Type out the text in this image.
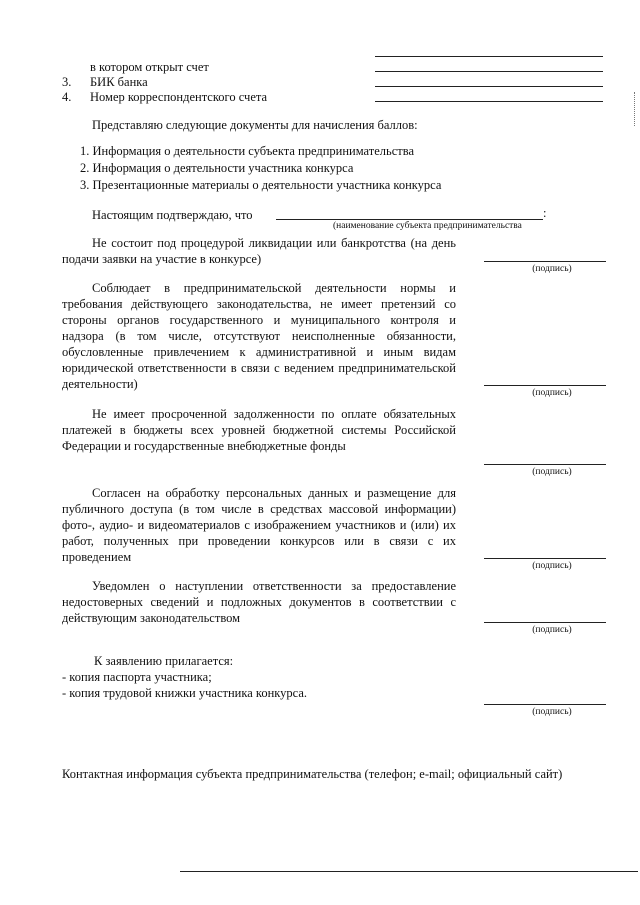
в котором открыт счет
3. БИК банка
4. Номер корреспондентского счета
Представляю следующие документы для начисления баллов:
1. Информация о деятельности субъекта предпринимательства
2. Информация о деятельности участника конкурса
3. Презентационные материалы о деятельности участника конкурса
Настоящим подтверждаю, что	:
(наименование субъекта предпринимательства
Не состоит под процедурой ликвидации или банкротства (на день подачи заявки на участие в конкурсе)
(подпись)
Соблюдает в предпринимательской деятельности нормы и требования действующего законодательства, не имеет претензий со стороны органов государственного и муниципального контроля и надзора (в том числе, отсутствуют неисполненные обязанности, обусловленные привлечением к административной и иным видам юридической ответственности в связи с ведением предпринимательской деятельности)
(подпись)
Не имеет просроченной задолженности по оплате обязательных платежей в бюджеты всех уровней бюджетной системы Российской Федерации и государственные внебюджетные фонды
(подпись)
Согласен на обработку персональных данных и размещение для публичного доступа (в том числе в средствах массовой информации) фото-, аудио- и видеоматериалов с изображением участников и (или) их работ, полученных при проведении конкурсов или в связи с их проведением
(подпись)
Уведомлен о наступлении ответственности за предоставление недостоверных сведений и подложных документов в соответствии с действующим законодательством
(подпись)
К заявлению прилагается:
- копия паспорта участника;
- копия трудовой книжки участника конкурса.
(подпись)
Контактная информация субъекта предпринимательства (телефон; e-mail; официальный сайт)
